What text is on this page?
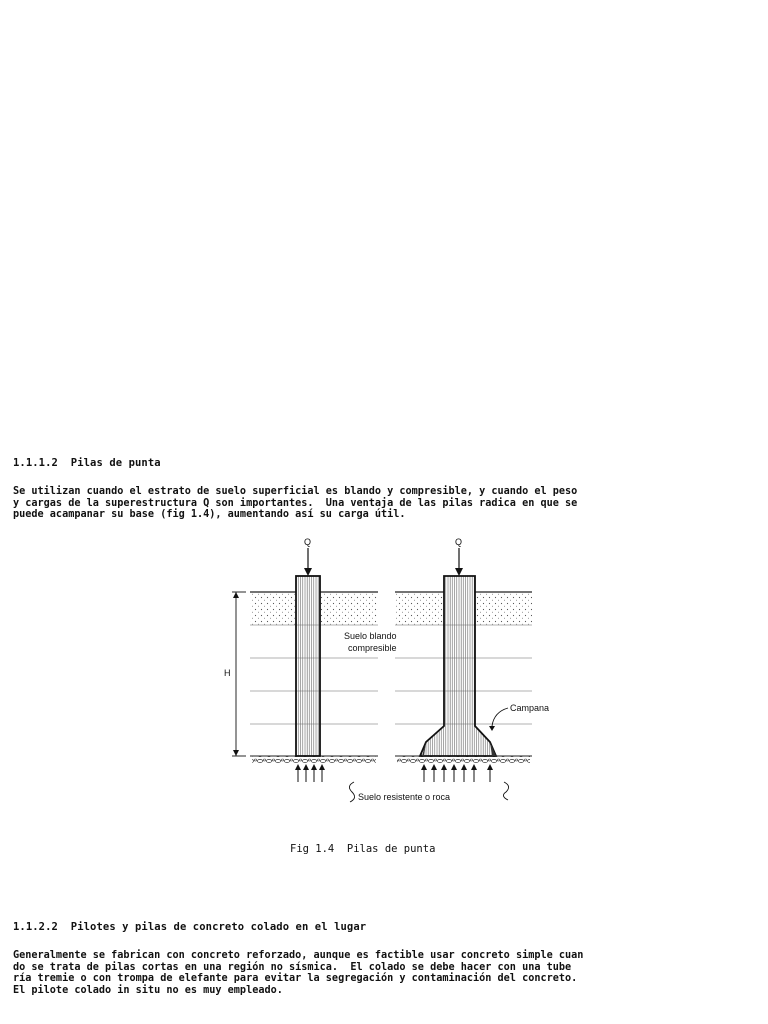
1.1.1.2  Pilas de punta
Se utilizan cuando el estrato de suelo superficial es blando y compresible, y cuando el peso
y cargas de la superestructura Q son importantes.  Una ventaja de las pilas radica en que se
puede acampanar su base (fig 1.4), aumentando así su carga útil.
Q
H
Q
Suelo blando
compresible
Campana
Suelo resistente o roca
Fig 1.4  Pilas de punta
1.1.2.2  Pilotes y pilas de concreto colado en el lugar
Generalmente se fabrican con concreto reforzado, aunque es factible usar concreto simple cuan
do se trata de pilas cortas en una región no sísmica.  El colado se debe hacer con una tube
ría tremie o con trompa de elefante para evitar la segregación y contaminación del concreto.
El pilote colado in situ no es muy empleado.
